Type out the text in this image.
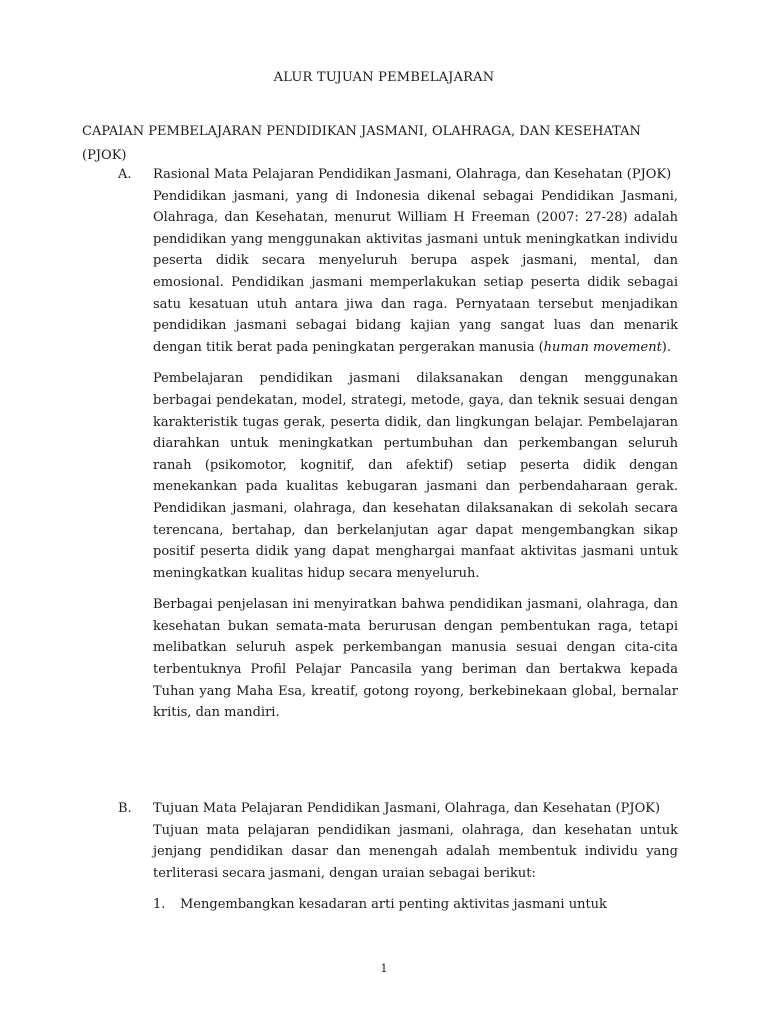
ALUR TUJUAN PEMBELAJARAN
CAPAIAN PEMBELAJARAN PENDIDIKAN JASMANI, OLAHRAGA, DAN KESEHATAN (PJOK)
A. Rasional Mata Pelajaran Pendidikan Jasmani, Olahraga, dan Kesehatan (PJOK)

Pendidikan jasmani, yang di Indonesia dikenal sebagai Pendidikan Jasmani, Olahraga, dan Kesehatan, menurut William H Freeman (2007: 27-28) adalah pendidikan yang menggunakan aktivitas jasmani untuk meningkatkan individu peserta didik secara menyeluruh berupa aspek jasmani, mental, dan emosional. Pendidikan jasmani memperlakukan setiap peserta didik sebagai satu kesatuan utuh antara jiwa dan raga. Pernyataan tersebut menjadikan pendidikan jasmani sebagai bidang kajian yang sangat luas dan menarik dengan titik berat pada peningkatan pergerakan manusia (human movement).

Pembelajaran pendidikan jasmani dilaksanakan dengan menggunakan berbagai pendekatan, model, strategi, metode, gaya, dan teknik sesuai dengan karakteristik tugas gerak, peserta didik, dan lingkungan belajar. Pembelajaran diarahkan untuk meningkatkan pertumbuhan dan perkembangan seluruh ranah (psikomotor, kognitif, dan afektif) setiap peserta didik dengan menekankan pada kualitas kebugaran jasmani dan perbendaharaan gerak. Pendidikan jasmani, olahraga, dan kesehatan dilaksanakan di sekolah secara terencana, bertahap, dan berkelanjutan agar dapat mengembangkan sikap positif peserta didik yang dapat menghargai manfaat aktivitas jasmani untuk meningkatkan kualitas hidup secara menyeluruh.

Berbagai penjelasan ini menyiratkan bahwa pendidikan jasmani, olahraga, dan kesehatan bukan semata-mata berurusan dengan pembentukan raga, tetapi melibatkan seluruh aspek perkembangan manusia sesuai dengan cita-cita terbentuknya Profil Pelajar Pancasila yang beriman dan bertakwa kepada Tuhan yang Maha Esa, kreatif, gotong royong, berkebinekaan global, bernalar kritis, dan mandiri.

B. Tujuan Mata Pelajaran Pendidikan Jasmani, Olahraga, dan Kesehatan (PJOK)

Tujuan mata pelajaran pendidikan jasmani, olahraga, dan kesehatan untuk jenjang pendidikan dasar dan menengah adalah membentuk individu yang terliterasi secara jasmani, dengan uraian sebagai berikut:

1. Mengembangkan kesadaran arti penting aktivitas jasmani untuk

1
